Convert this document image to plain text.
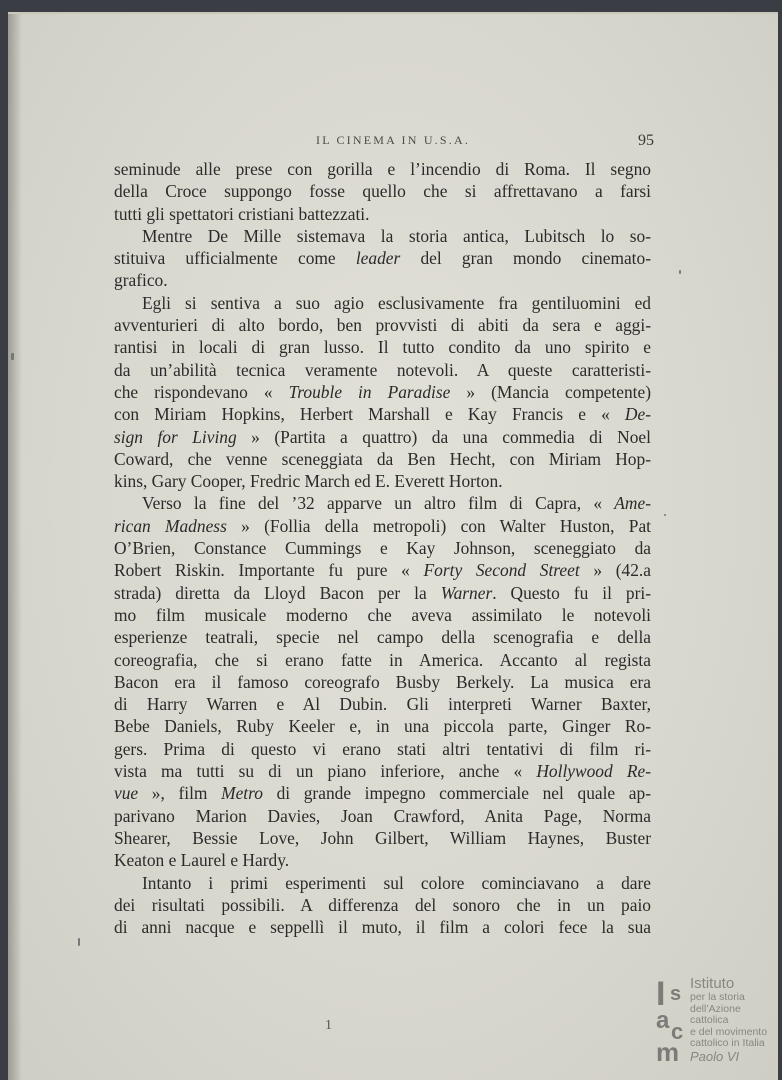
IL CINEMA IN U.S.A.	95
seminude alle prese con gorilla e l’incendio di Roma. Il segno
della Croce suppongo fosse quello che si affrettavano a farsi
tutti gli spettatori cristiani battezzati.
Mentre De Mille sistemava la storia antica, Lubitsch lo so-
stituiva ufficialmente come leader del gran mondo cinemato-
grafico.
Egli si sentiva a suo agio esclusivamente fra gentiluomini ed
avventurieri di alto bordo, ben provvisti di abiti da sera e aggi-
rantisi in locali di gran lusso. Il tutto condito da uno spirito e
da un’abilità tecnica veramente notevoli. A queste caratteristi-
che rispondevano « Trouble in Paradise » (Mancia competente)
con Miriam Hopkins, Herbert Marshall e Kay Francis e « De-
sign for Living » (Partita a quattro) da una commedia di Noel
Coward, che venne sceneggiata da Ben Hecht, con Miriam Hop-
kins, Gary Cooper, Fredric March ed E. Everett Horton.
Verso la fine del ’32 apparve un altro film di Capra, « Ame-
rican Madness » (Follia della metropoli) con Walter Huston, Pat
O’Brien, Constance Cummings e Kay Johnson, sceneggiato da
Robert Riskin. Importante fu pure « Forty Second Street » (42.a
strada) diretta da Lloyd Bacon per la Warner. Questo fu il pri-
mo film musicale moderno che aveva assimilato le notevoli
esperienze teatrali, specie nel campo della scenografia e della
coreografia, che si erano fatte in America. Accanto al regista
Bacon era il famoso coreografo Busby Berkely. La musica era
di Harry Warren e Al Dubin. Gli interpreti Warner Baxter,
Bebe Daniels, Ruby Keeler e, in una piccola parte, Ginger Ro-
gers. Prima di questo vi erano stati altri tentativi di film ri-
vista ma tutti su di un piano inferiore, anche « Hollywood Re-
vue », film Metro di grande impegno commerciale nel quale ap-
parivano Marion Davies, Joan Crawford, Anita Page, Norma
Shearer, Bessie Love, John Gilbert, William Haynes, Buster
Keaton e Laurel e Hardy.
Intanto i primi esperimenti sul colore cominciavano a dare
dei risultati possibili. A differenza del sonoro che in un paio
di anni nacque e seppellì il muto, il film a colori fece la sua
1
I s
a c
m
Istituto
per la storia
dell’Azione cattolica
e del movimento
cattolico in Italia
Paolo VI
